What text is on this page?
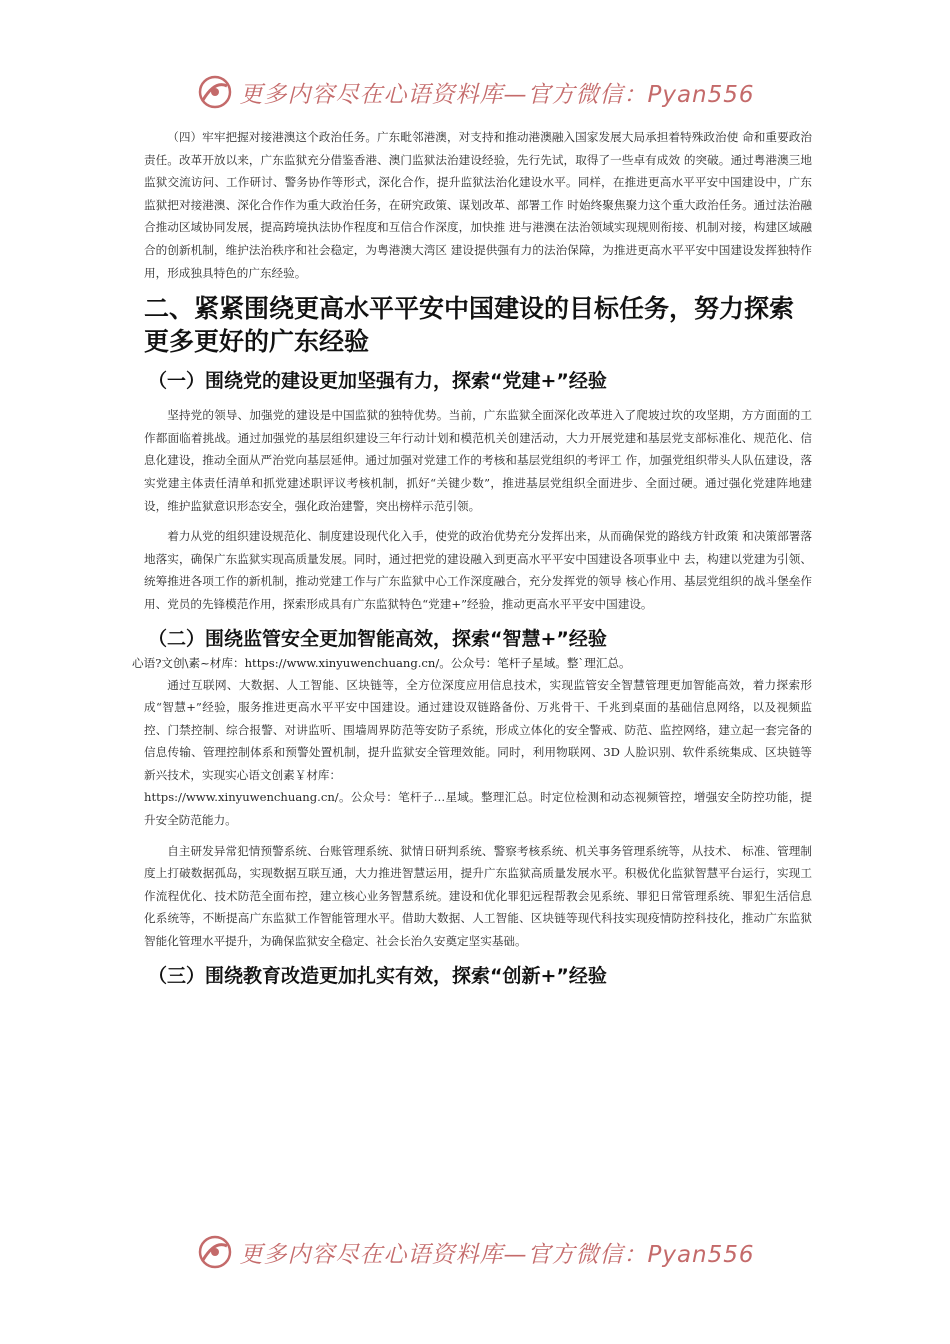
更多内容尽在心语资料库—官方微信：Pyan556

（四）牢牢把握对接港澳这个政治任务。广东毗邻港澳，对支持和推动港澳融入国家发展大局承担着特殊政治使 命和重要政治责任。改革开放以来，广东监狱充分借鉴香港、澳门监狱法治建设经验，先行先试，取得了一些卓有成效 的突破。通过粤港澳三地监狱交流访问、工作研讨、警务协作等形式，深化合作，提升监狱法治化建设水平。同样，在推进更高水平平安中国建设中，广东监狱把对接港澳、深化合作作为重大政治任务，在研究政策、谋划改革、部署工作 时始终聚焦聚力这个重大政治任务。通过法治融合推动区域协同发展，提高跨境执法协作程度和互信合作深度，加快推 进与港澳在法治领域实现规则衔接、机制对接，构建区域融合的创新机制，维护法治秩序和社会稳定，为粤港澳大湾区 建设提供强有力的法治保障，为推进更高水平平安中国建设发挥独特作用，形成独具特色的广东经验。

二、紧紧围绕更高水平平安中国建设的目标任务，努力探索更多更好的广东经验
（一）围绕党的建设更加坚强有力，探索“党建+”经验

坚持党的领导、加强党的建设是中国监狱的独特优势。当前，广东监狱全面深化改革进入了爬坡过坎的攻坚期，方方面面的工作都面临着挑战。通过加强党的基层组织建设三年行动计划和模范机关创建活动，大力开展党建和基层党支部标准化、规范化、信息化建设，推动全面从严治党向基层延伸。通过加强对党建工作的考核和基层党组织的考评工 作，加强党组织带头人队伍建设，落实党建主体责任清单和抓党建述职评议考核机制，抓好“关键少数”，推进基层党组织全面进步、全面过硬。通过强化党建阵地建设，维护监狱意识形态安全，强化政治建警，突出榜样示范引领。

着力从党的组织建设规范化、制度建设现代化入手，使党的政治优势充分发挥出来，从而确保党的路线方针政策 和决策部署落地落实，确保广东监狱实现高质量发展。同时，通过把党的建设融入到更高水平平安中国建设各项事业中 去，构建以党建为引领、统筹推进各项工作的新机制，推动党建工作与广东监狱中心工作深度融合，充分发挥党的领导 核心作用、基层党组织的战斗堡垒作用、党员的先锋模范作用，探索形成具有广东监狱特色“党建+”经验，推动更高水平平安中国建设。

（二）围绕监管安全更加智能高效，探索“智慧+”经验
心语?文创\素~材库：https://www.xinyuwenchuang.cn/。公众号：笔杆子星域。整`理汇总。

通过互联网、大数据、人工智能、区块链等，全方位深度应用信息技术，实现监管安全智慧管理更加智能高效，着力探索形成“智慧+”经验，服务推进更高水平平安中国建设。通过建设双链路备份、万兆骨干、千兆到桌面的基础信息网络，以及视频监控、门禁控制、综合报警、对讲监听、围墙周界防范等安防子系统，形成立体化的安全警戒、防范、监控网络，建立起一套完备的信息传输、管理控制体系和预警处置机制，提升监狱安全管理效能。同时，利用物联网、3D 人脸识别、软件系统集成、区块链等新兴技术，实现实心语文创素￥材库：

https://www.xinyuwenchuang.cn/。公众号：笔杆子…星域。整理汇总。时定位检测和动态视频管控，增强安全防控功能，提升安全防范能力。

自主研发异常犯情预警系统、台账管理系统、狱情日研判系统、警察考核系统、机关事务管理系统等，从技术、 标准、管理制度上打破数据孤岛，实现数据互联互通，大力推进智慧运用，提升广东监狱高质量发展水平。积极优化监狱智慧平台运行，实现工作流程优化、技术防范全面布控，建立核心业务智慧系统。建设和优化罪犯远程帮教会见系统、罪犯日常管理系统、罪犯生活信息化系统等，不断提高广东监狱工作智能管理水平。借助大数据、人工智能、区块链等现代科技实现疫情防控科技化，推动广东监狱智能化管理水平提升，为确保监狱安全稳定、社会长治久安奠定坚实基础。

（三）围绕教育改造更加扎实有效，探索“创新+”经验
更多内容尽在心语资料库—官方微信：Pyan556
